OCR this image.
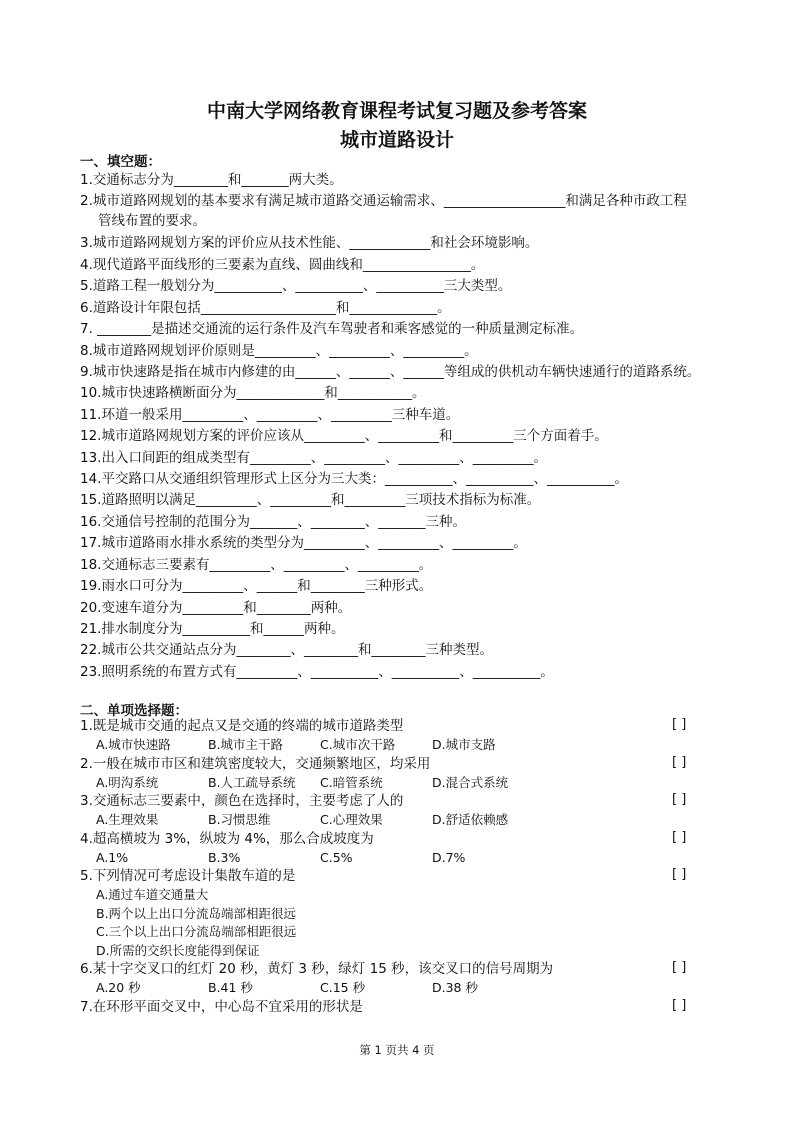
中南大学网络教育课程考试复习题及参考答案
城市道路设计
一、填空题：
1.交通标志分为________和_______两大类。
2.城市道路网规划的基本要求有满足城市道路交通运输需求、__________________和满足各种市政工程
管线布置的要求。
3.城市道路网规划方案的评价应从技术性能、____________和社会环境影响。
4.现代道路平面线形的三要素为直线、圆曲线和________________。
5.道路工程一般划分为__________、__________、__________三大类型。
6.道路设计年限包括____________________和_____________。
7. ________是描述交通流的运行条件及汽车驾驶者和乘客感觉的一种质量测定标准。
8.城市道路网规划评价原则是_________、_________、_________。
9.城市快速路是指在城市内修建的由______、______、______等组成的供机动车辆快速通行的道路系统。
10.城市快速路横断面分为_____________和___________。
11.环道一般采用_________、_________、_________三种车道。
12.城市道路网规划方案的评价应该从_________、_________和_________三个方面着手。
13.出入口间距的组成类型有_________、_________、_________、_________。
14.平交路口从交通组织管理形式上区分为三大类：__________、__________、__________。
15.道路照明以满足_________、_________和_________三项技术指标为标准。
16.交通信号控制的范围分为_______、________、_______三种。
17.城市道路雨水排水系统的类型分为_________、_________、_________。
18.交通标志三要素有_________、_________、_________。
19.雨水口可分为_________、______和________三种形式。
20.变速车道分为_________和________两种。
21.排水制度分为__________和______两种。
22.城市公共交通站点分为________、________和________三种类型。
23.照明系统的布置方式有_________、__________、__________、__________。
二、单项选择题：
1.既是城市交通的起点又是交通的终端的城市道路类型	[ ]
A.城市快速路	B.城市主干路	C.城市次干路	D.城市支路
2.一般在城市市区和建筑密度较大，交通频繁地区，均采用	[ ]
A.明沟系统	B.人工疏导系统 C.暗管系统	D.混合式系统
3.交通标志三要素中，颜色在选择时，主要考虑了人的	[ ]
A.生理效果	B.习惯思维	C.心理效果	D.舒适依赖感
4.超高横坡为 3%，纵坡为 4%，那么合成坡度为	[ ]
A.1%	B.3%	C.5%	D.7%
5.下列情况可考虑设计集散车道的是	[ ]
A.通过车道交通量大
B.两个以上出口分流岛端部相距很远
C.三个以上出口分流岛端部相距很远
D.所需的交织长度能得到保证
6.某十字交叉口的红灯 20 秒，黄灯 3 秒，绿灯 15 秒，该交叉口的信号周期为	[ ]
A.20 秒	B.41 秒	C.15 秒	D.38 秒
7.在环形平面交叉中，中心岛不宜采用的形状是	[ ]
第 1 页共 4 页
